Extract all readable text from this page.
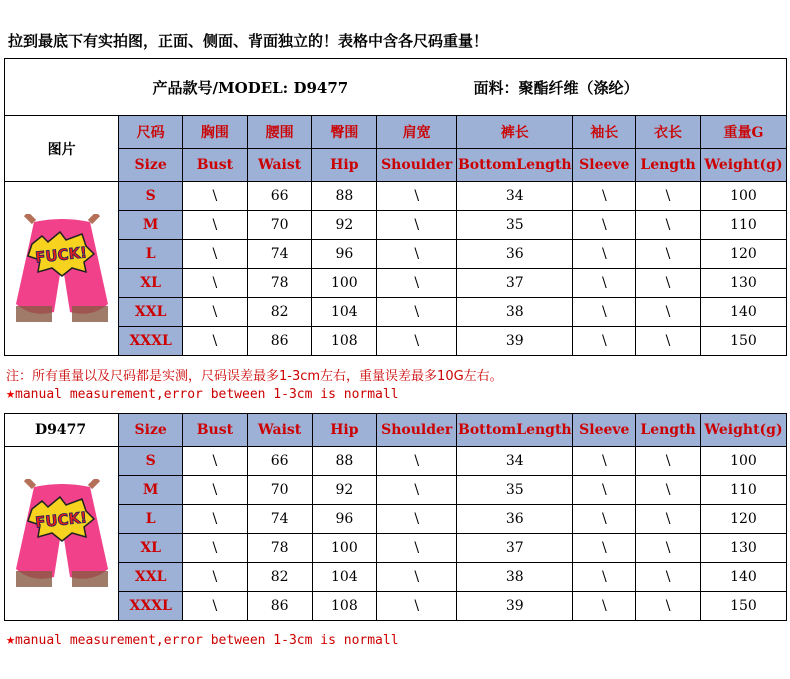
拉到最底下有实拍图，正面、侧面、背面独立的！表格中含各尺码重量！
产品款号/MODEL: D9477 面料：聚酯纤维（涤纶）									
图片	尺码	胸围	腰围	臀围	肩宽	裤长	袖长	衣长	重量G
	Size	Bust	Waist	Hip	Shoulder	BottomLength	Sleeve	Length	Weight(g)

FUCK!	S	\	66	88	\	34	\	\	100
	M	\	70	92	\	35	\	\	110
	L	\	74	96	\	36	\	\	120
	XL	\	78	100	\	37	\	\	130
	XXL	\	82	104	\	38	\	\	140
	XXXL	\	86	108	\	39	\	\	150
注：所有重量以及尺码都是实测，尺码误差最多1-3cm左右，重量误差最多10G左右。
★manual measurement,error between 1-3cm is normall
D9477	Size	Bust	Waist	Hip	Shoulder	BottomLength	Sleeve	Length	Weight(g)

FUCK!	S	\	66	88	\	34	\	\	100
	M	\	70	92	\	35	\	\	110
	L	\	74	96	\	36	\	\	120
	XL	\	78	100	\	37	\	\	130
	XXL	\	82	104	\	38	\	\	140
	XXXL	\	86	108	\	39	\	\	150
★manual measurement,error between 1-3cm is normall
